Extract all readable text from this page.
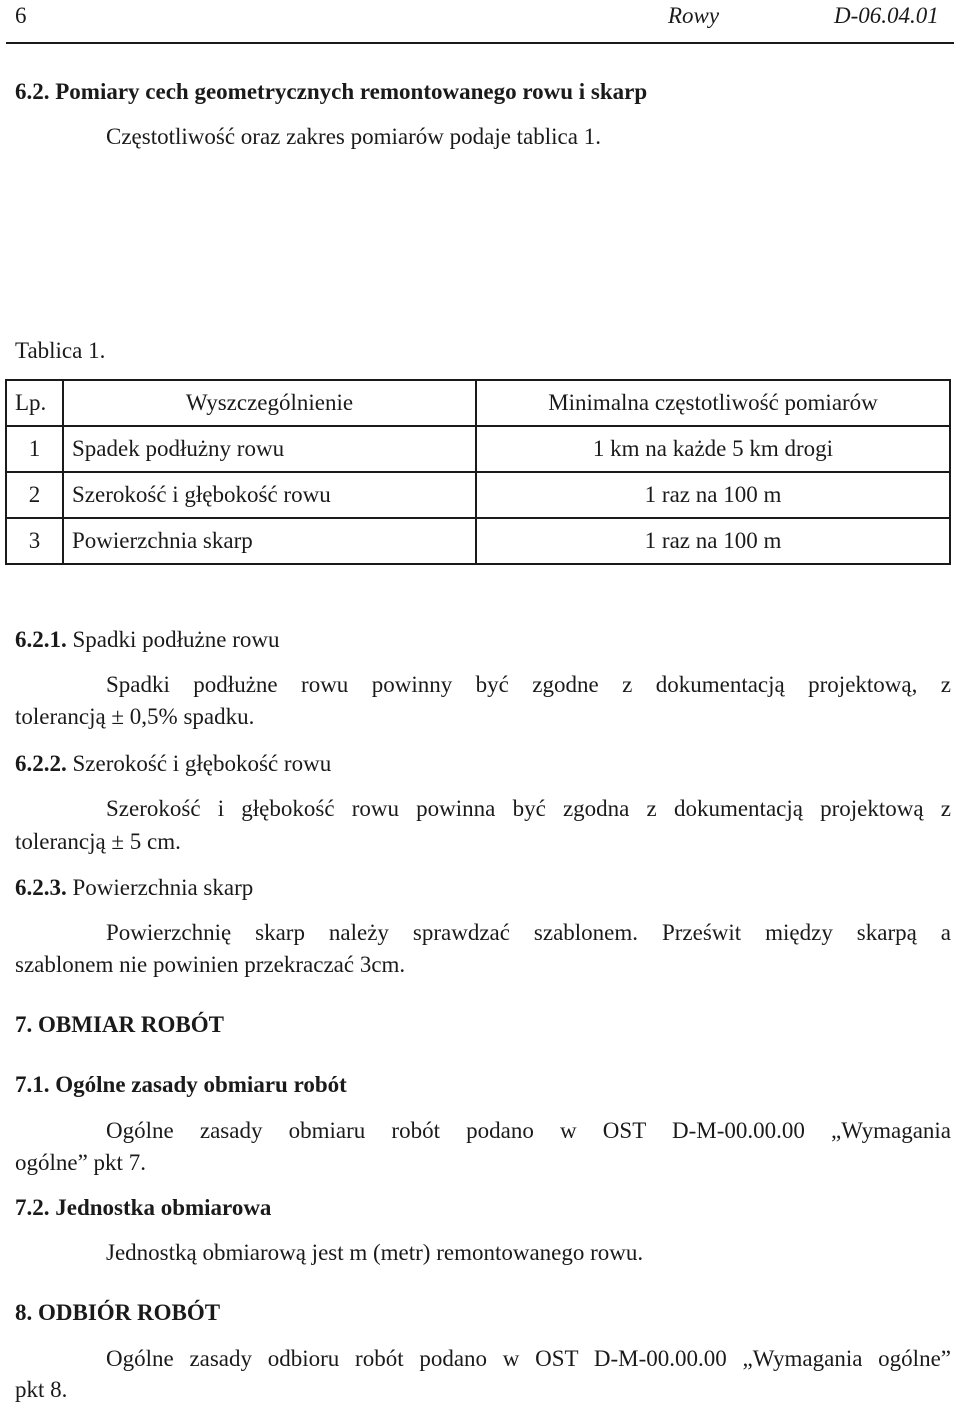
6	Rowy	D-06.04.01
6.2. Pomiary cech geometrycznych remontowanego rowu i skarp
Częstotliwość oraz zakres pomiarów podaje tablica 1.
Tablica 1.
Lp.	Wyszczególnienie	Minimalna częstotliwość pomiarów
1	Spadek podłużny rowu	1 km na każde 5 km drogi
2	Szerokość i głębokość rowu	1 raz na 100 m
3	Powierzchnia skarp	1 raz na 100 m
6.2.1. Spadki podłużne rowu
Spadki podłużne rowu powinny być zgodne z dokumentacją projektową, z
tolerancją ± 0,5% spadku.
6.2.2. Szerokość i głębokość rowu
Szerokość i głębokość rowu powinna być zgodna z dokumentacją projektową z
tolerancją ± 5 cm.
6.2.3. Powierzchnia skarp
Powierzchnię skarp należy sprawdzać szablonem. Prześwit między skarpą a
szablonem nie powinien przekraczać 3cm.
7. OBMIAR ROBÓT
7.1. Ogólne zasady obmiaru robót
Ogólne zasady obmiaru robót podano w OST D-M-00.00.00 „Wymagania
ogólne” pkt 7.
7.2. Jednostka obmiarowa
Jednostką obmiarową jest m (metr) remontowanego rowu.
8. ODBIÓR ROBÓT
Ogólne zasady odbioru robót podano w OST D-M-00.00.00 „Wymagania ogólne”
pkt 8.
